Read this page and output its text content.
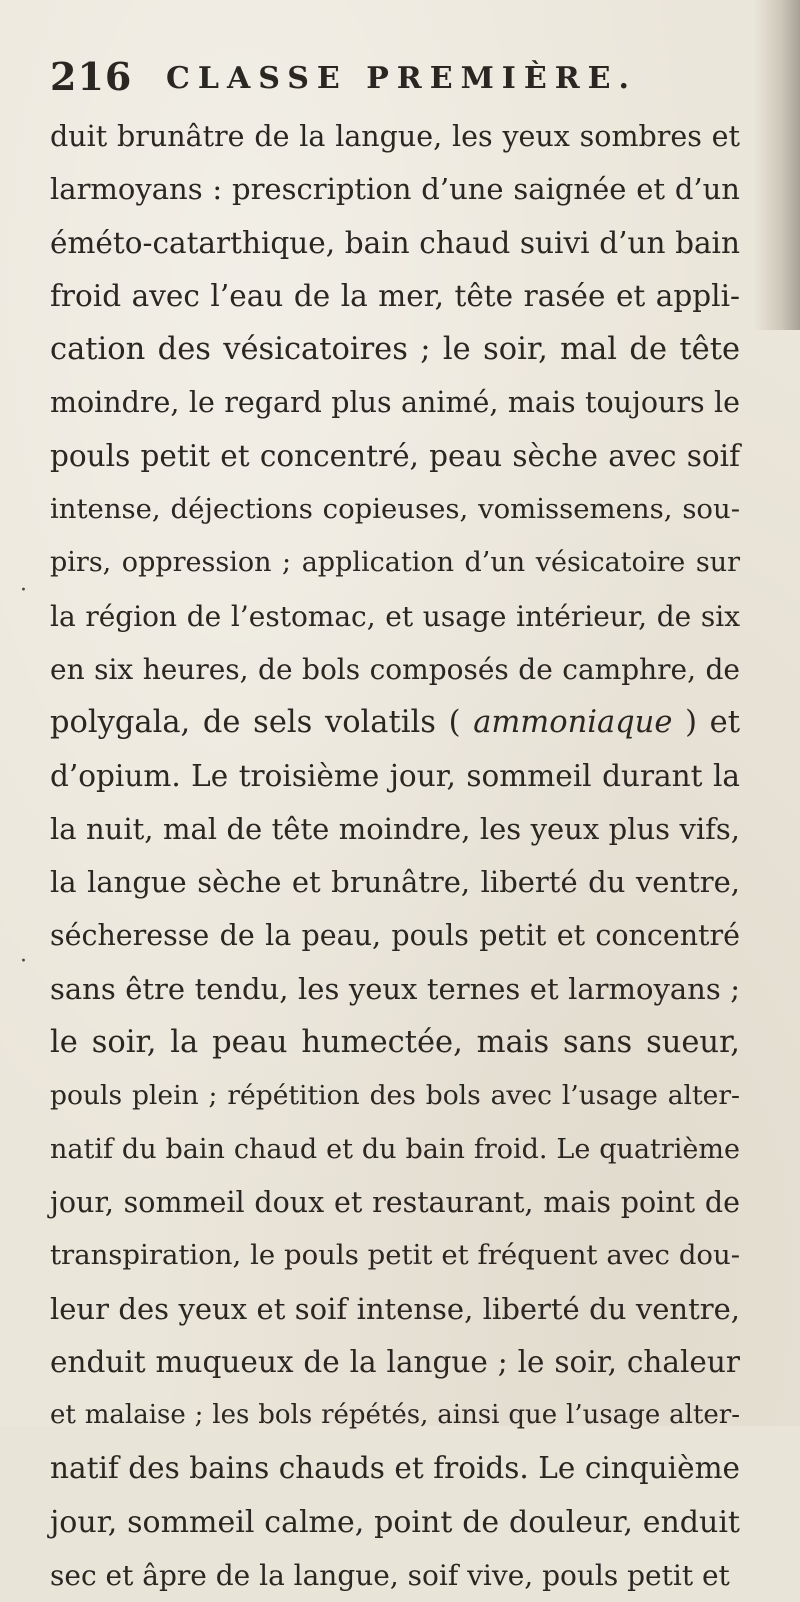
216 CLASSE PREMIÈRE.
·
·
duit brunâtre de la langue, les yeux sombres et
larmoyans : prescription d’une saignée et d’un
éméto-catarthique, bain chaud suivi d’un bain
froid avec l’eau de la mer, tête rasée et appli-
cation des vésicatoires ; le soir, mal de tête
moindre, le regard plus animé, mais toujours le
pouls petit et concentré, peau sèche avec soif
intense, déjections copieuses, vomissemens, sou-
pirs, oppression ; application d’un vésicatoire sur
la région de l’estomac, et usage intérieur, de six
en six heures, de bols composés de camphre, de
polygala, de sels volatils ( ammoniaque ) et
d’opium. Le troisième jour, sommeil durant la
la nuit, mal de tête moindre, les yeux plus vifs,
la langue sèche et brunâtre, liberté du ventre,
sécheresse de la peau, pouls petit et concentré
sans être tendu, les yeux ternes et larmoyans ;
le soir, la peau humectée, mais sans sueur,
pouls plein ; répétition des bols avec l’usage alter-
natif du bain chaud et du bain froid. Le quatrième
jour, sommeil doux et restaurant, mais point de
transpiration, le pouls petit et fréquent avec dou-
leur des yeux et soif intense, liberté du ventre,
enduit muqueux de la langue ; le soir, chaleur
et malaise ; les bols répétés, ainsi que l’usage alter-
natif des bains chauds et froids. Le cinquième
jour, sommeil calme, point de douleur, enduit
sec et âpre de la langue, soif vive, pouls petit et
